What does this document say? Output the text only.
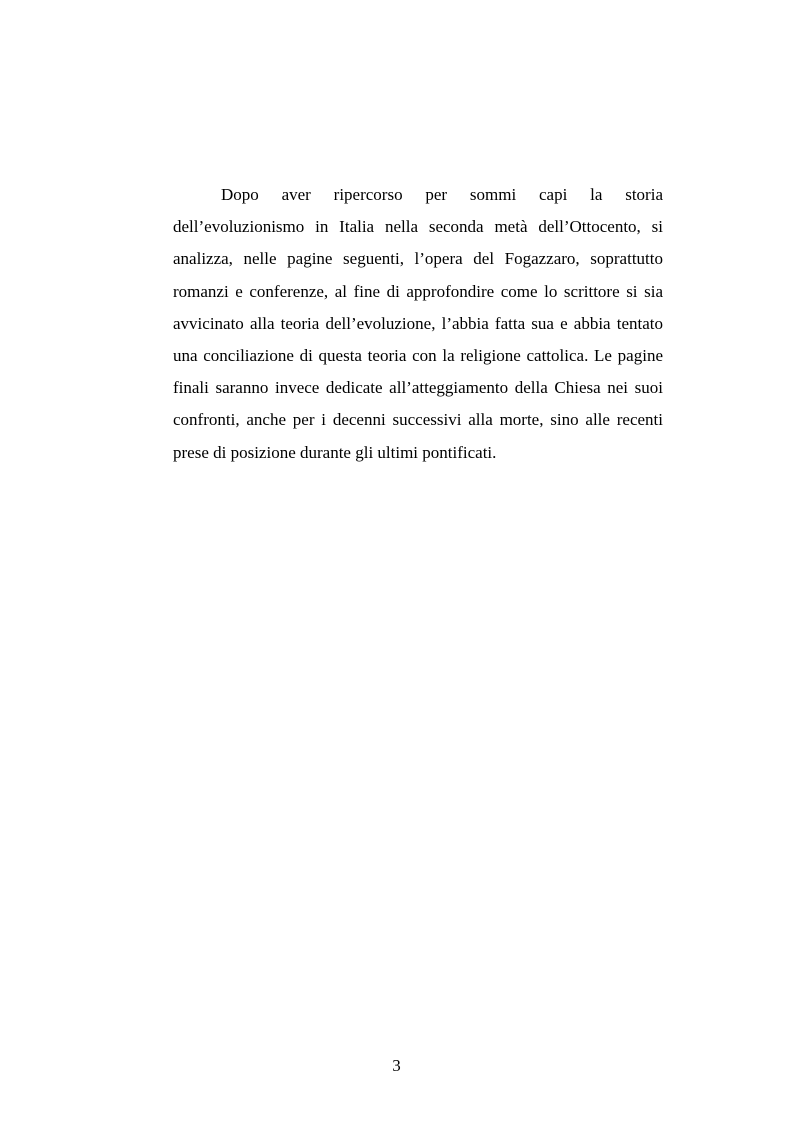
Dopo aver ripercorso per sommi capi la storia dell’evoluzionismo in Italia nella seconda metà dell’Ottocento, si analizza, nelle pagine seguenti, l’opera del Fogazzaro, soprattutto romanzi e conferenze, al fine di approfondire come lo scrittore si sia avvicinato alla teoria dell’evoluzione, l’abbia fatta sua e abbia tentato una conciliazione di questa teoria con la religione cattolica. Le pagine finali saranno invece dedicate all’atteggiamento della Chiesa nei suoi confronti, anche per i decenni successivi alla morte, sino alle recenti prese di posizione durante gli ultimi pontificati.

3
